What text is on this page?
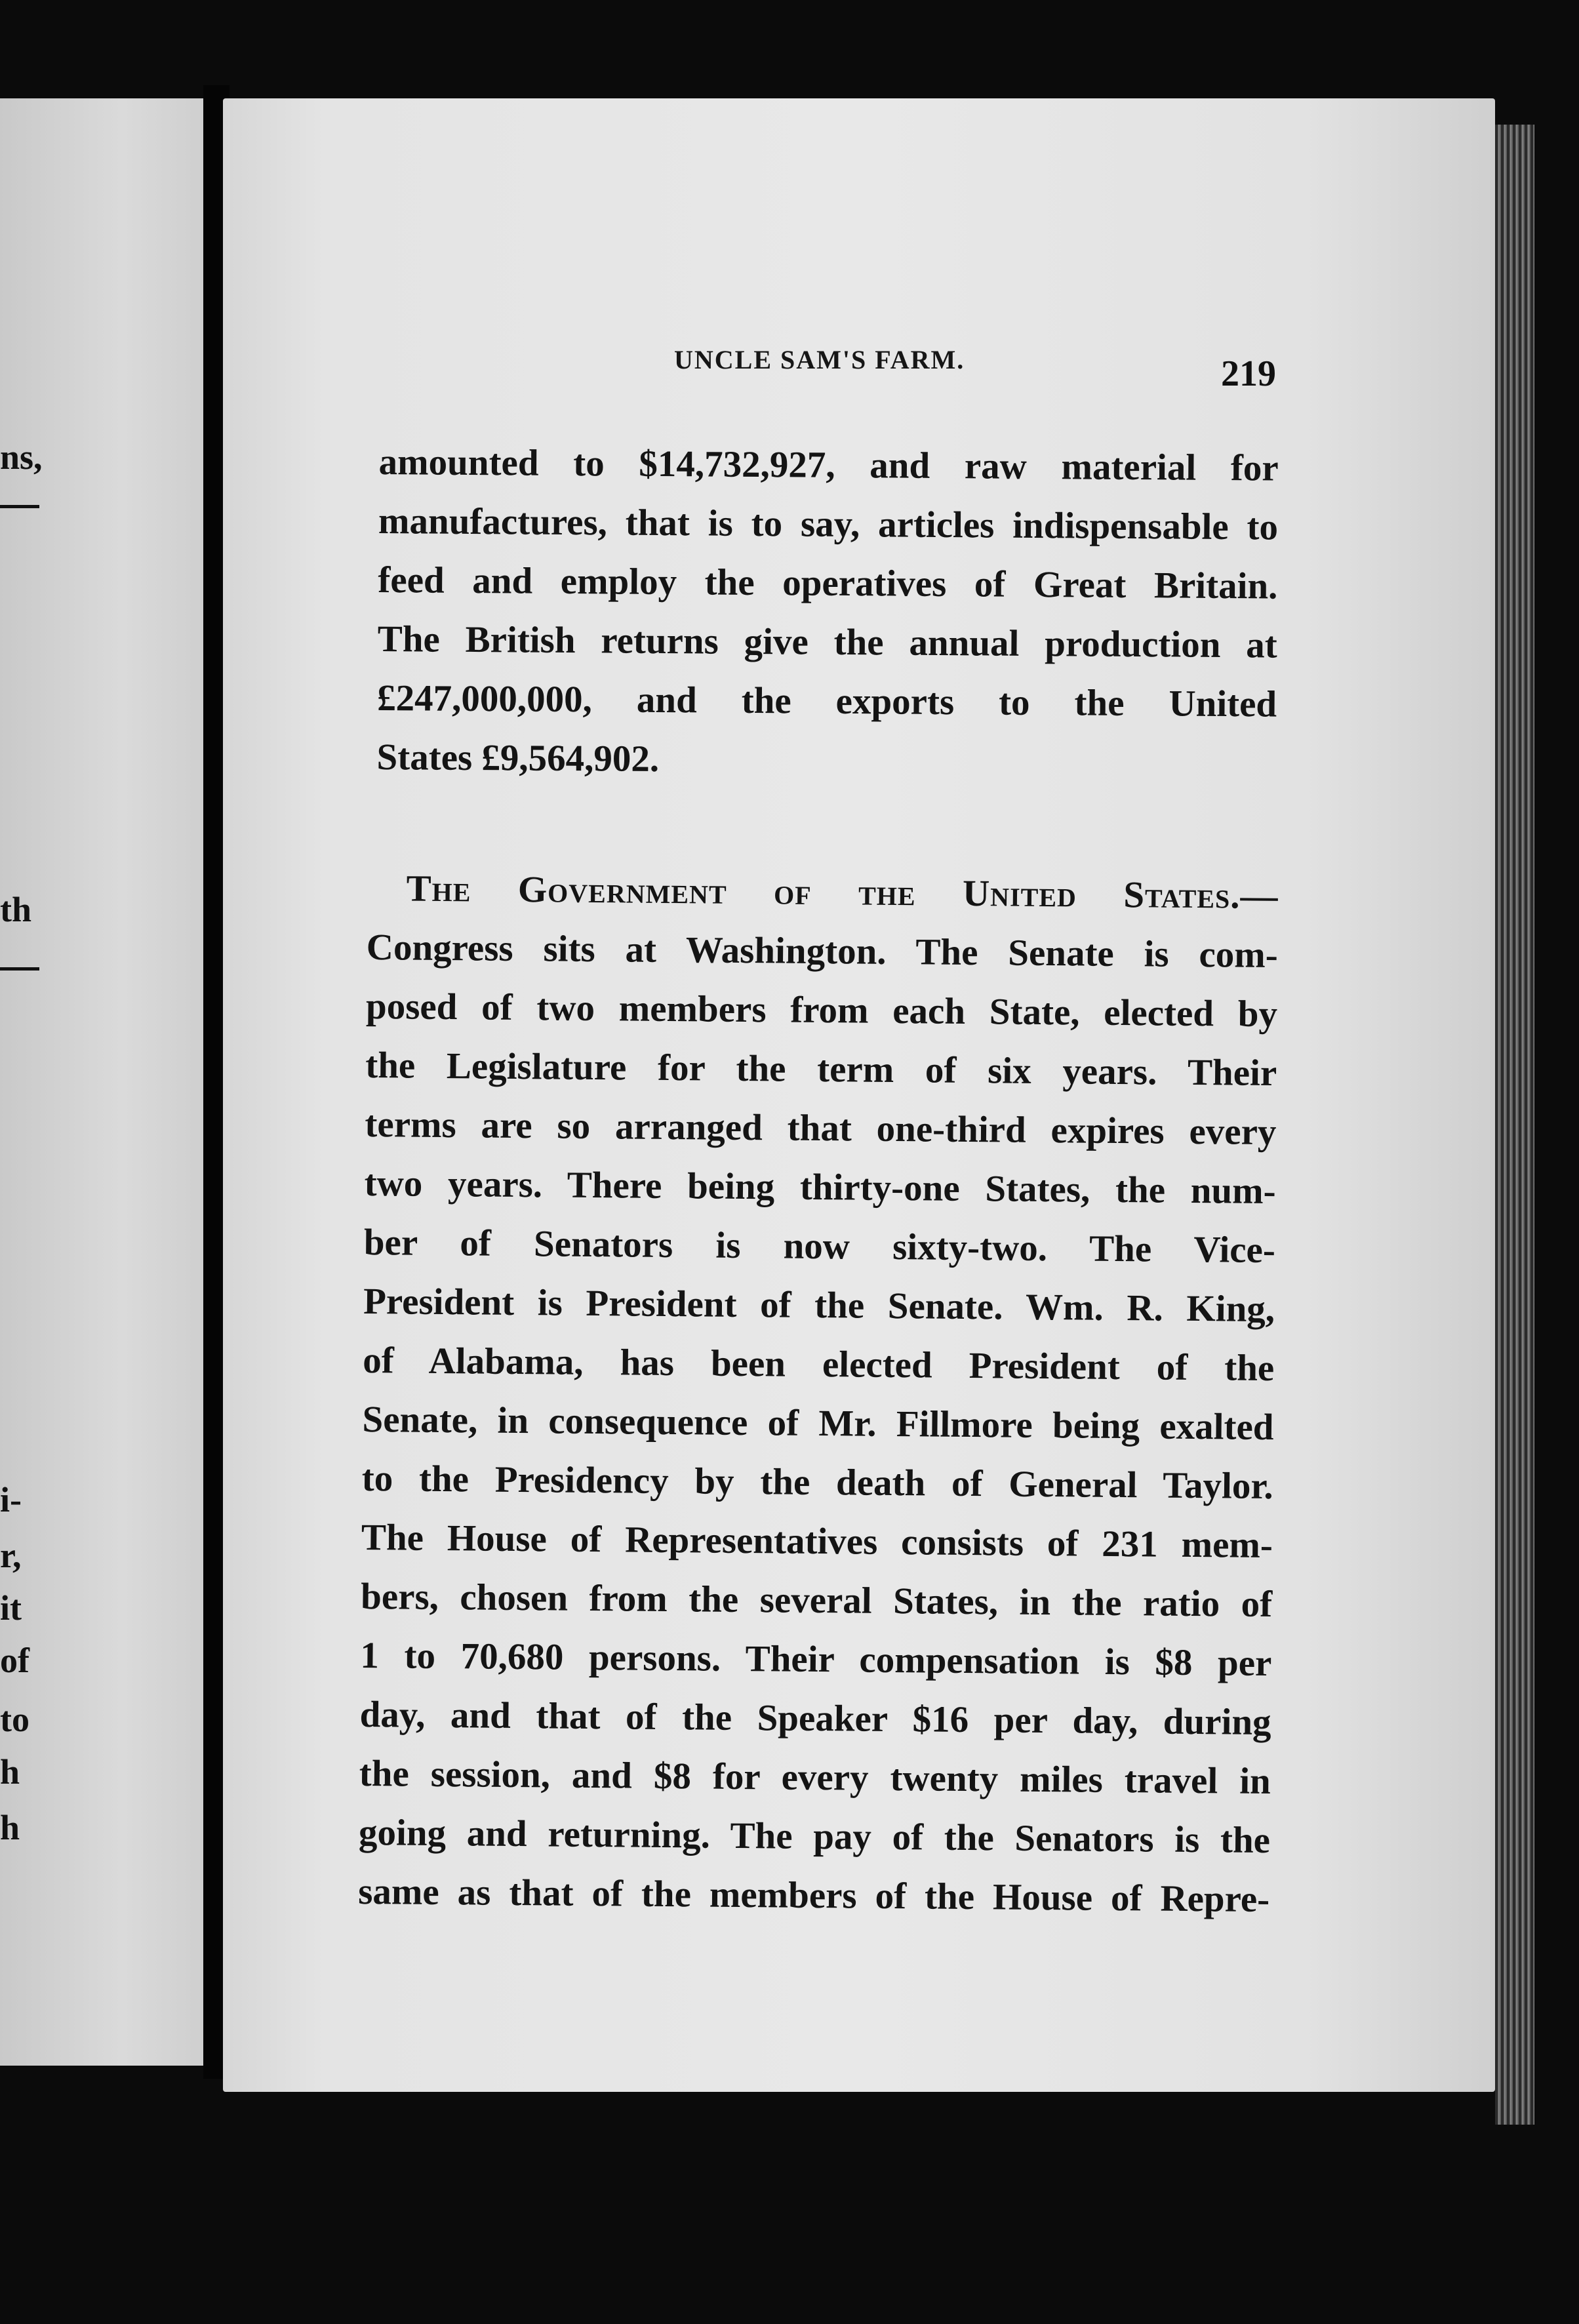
ns,
th
i-
r,
it
of
to
h
h
UNCLE SAM'S FARM.	219
amounted to $14,732,927, and raw material for
manufactures, that is to say, articles indispensable to
feed and employ the operatives of Great Britain.
The British returns give the annual production at
£247,000,000, and the exports to the United
States £9,564,902.
The Government of the United States.—
Congress sits at Washington. The Senate is com-
posed of two members from each State, elected by
the Legislature for the term of six years. Their
terms are so arranged that one-third expires every
two years. There being thirty-one States, the num-
ber of Senators is now sixty-two. The Vice-
President is President of the Senate. Wm. R. King,
of Alabama, has been elected President of the
Senate, in consequence of Mr. Fillmore being exalted
to the Presidency by the death of General Taylor.
The House of Representatives consists of 231 mem-
bers, chosen from the several States, in the ratio of
1 to 70,680 persons. Their compensation is $8 per
day, and that of the Speaker $16 per day, during
the session, and $8 for every twenty miles travel in
going and returning. The pay of the Senators is the
same as that of the members of the House of Repre-
